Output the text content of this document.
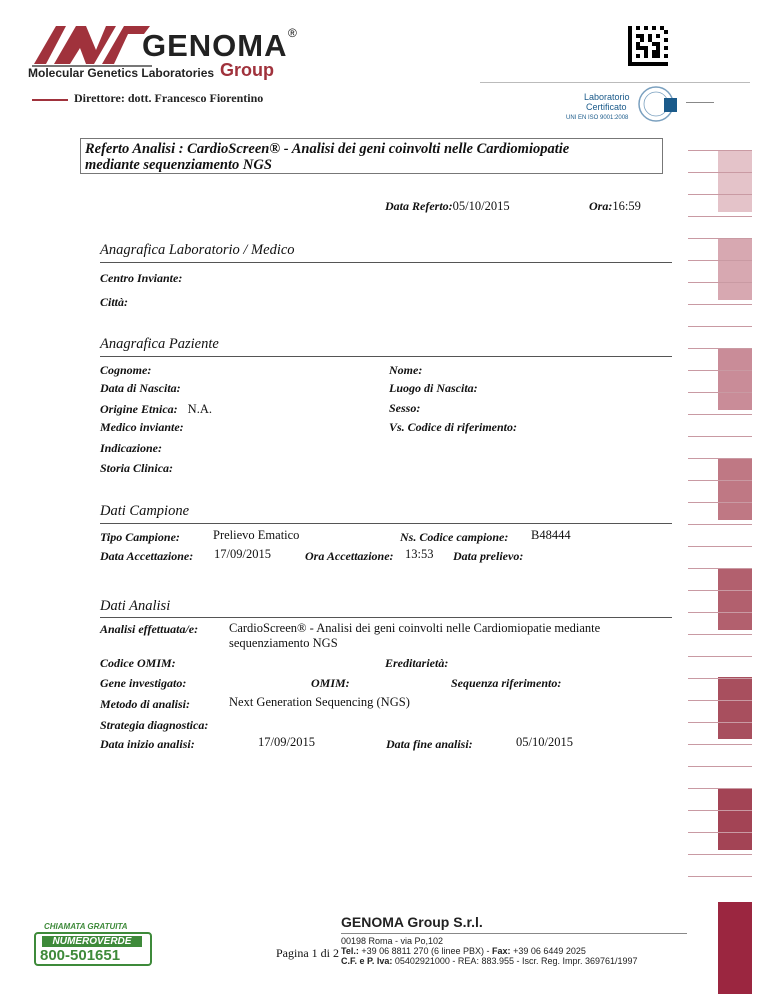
GENOMA ®
Molecular Genetics Laboratories Group
Direttore: dott. Francesco Fiorentino	Laboratorio
Certificato
UNI EN ISO 9001:2008
Referto Analisi : CardioScreen® - Analisi dei geni coinvolti nelle Cardiomiopatie
mediante sequenziamento NGS
Data Referto:05/10/2015	Ora:16:59
Anagrafica Laboratorio / Medico
Centro Inviante:
Città:
Anagrafica Paziente
Cognome:	Nome:
Data di Nascita:	Luogo di Nascita:
Origine Etnica: N.A.	Sesso:
Medico inviante:	Vs. Codice di riferimento:
Indicazione:
Storia Clinica:
Dati Campione
Tipo Campione:	Prelievo Ematico	Ns. Codice campione: B48444
Data Accettazione: 17/09/2015	Ora Accettazione: 13:53 Data prelievo:
Dati Analisi
Analisi effettuata/e: CardioScreen® - Analisi dei geni coinvolti nelle Cardiomiopatie mediante
sequenziamento NGS
Codice OMIM:	Ereditarietà:
Gene investigato:	OMIM:	Sequenza riferimento:
Metodo di analisi:	Next Generation Sequencing (NGS)
Strategia diagnostica:
Data inizio analisi:	17/09/2015	Data fine analisi:	05/10/2015
CHIAMATA GRATUITA
NUMEROVERDE
800-501651	Pagina 1 di 2
GENOMA Group S.r.l.
00198 Roma - via Po,102
Tel.: +39 06 8811 270 (6 linee PBX) - Fax: +39 06 6449 2025
C.F. e P. Iva: 05402921000 - REA: 883.955 - Iscr. Reg. Impr. 369761/1997
